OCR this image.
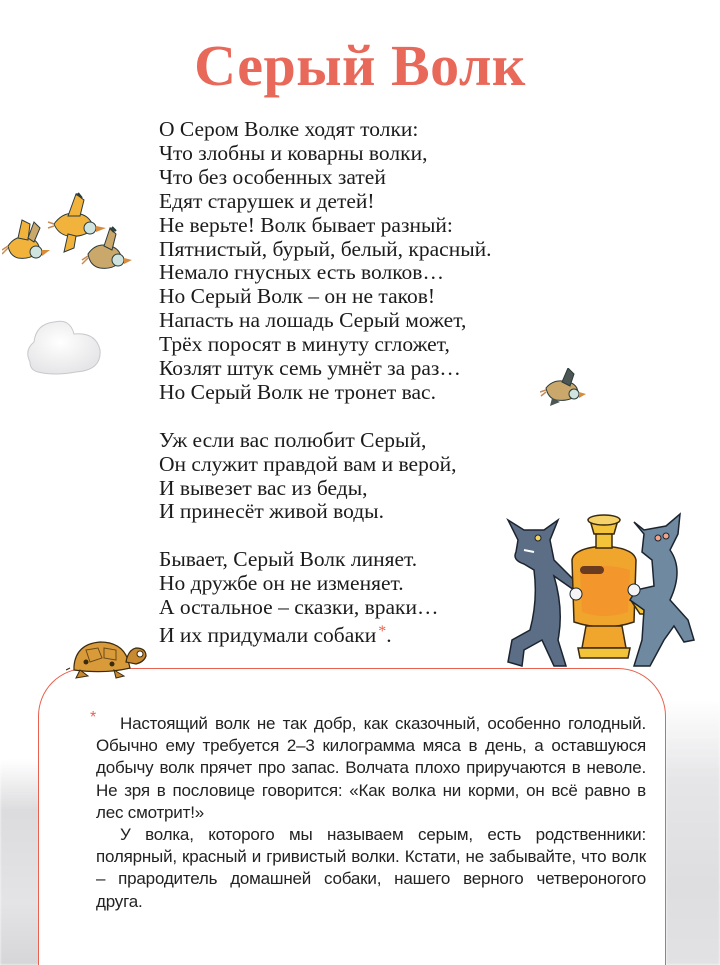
Серый Волк
О Сером Волке ходят толки:
Что злобны и коварны волки,
Что без особенных затей
Едят старушек и детей!
Не верьте! Волк бывает разный:
Пятнистый, бурый, белый, красный.
Немало гнусных есть волков…
Но Серый Волк – он не таков!
Напасть на лошадь Серый может,
Трёх поросят в минуту сгложет,
Козлят штук семь умнёт за раз…
Но Серый Волк не тронет вас.
Уж если вас полюбит Серый,
Он служит правдой вам и верой,
И вывезет вас из беды,
И принесёт живой воды.
Бывает, Серый Волк линяет.
Но дружбе он не изменяет.
А остальное – сказки, враки…
И их придумали собаки *.
*	Настоящий волк не так добр, как сказочный, особенно голодный. Обычно ему требуется 2–3 килограмма мяса в день, а оставшуюся добычу волк прячет про запас. Волчата плохо приручаются в неволе. Не зря в пословице говорится: «Как волка ни корми, он всё равно в лес смотрит!»

У волка, которого мы называем серым, есть родственники: полярный, красный и гривистый волки. Кстати, не забывайте, что волк – прародитель домашней собаки, нашего верного четвероногого друга.
